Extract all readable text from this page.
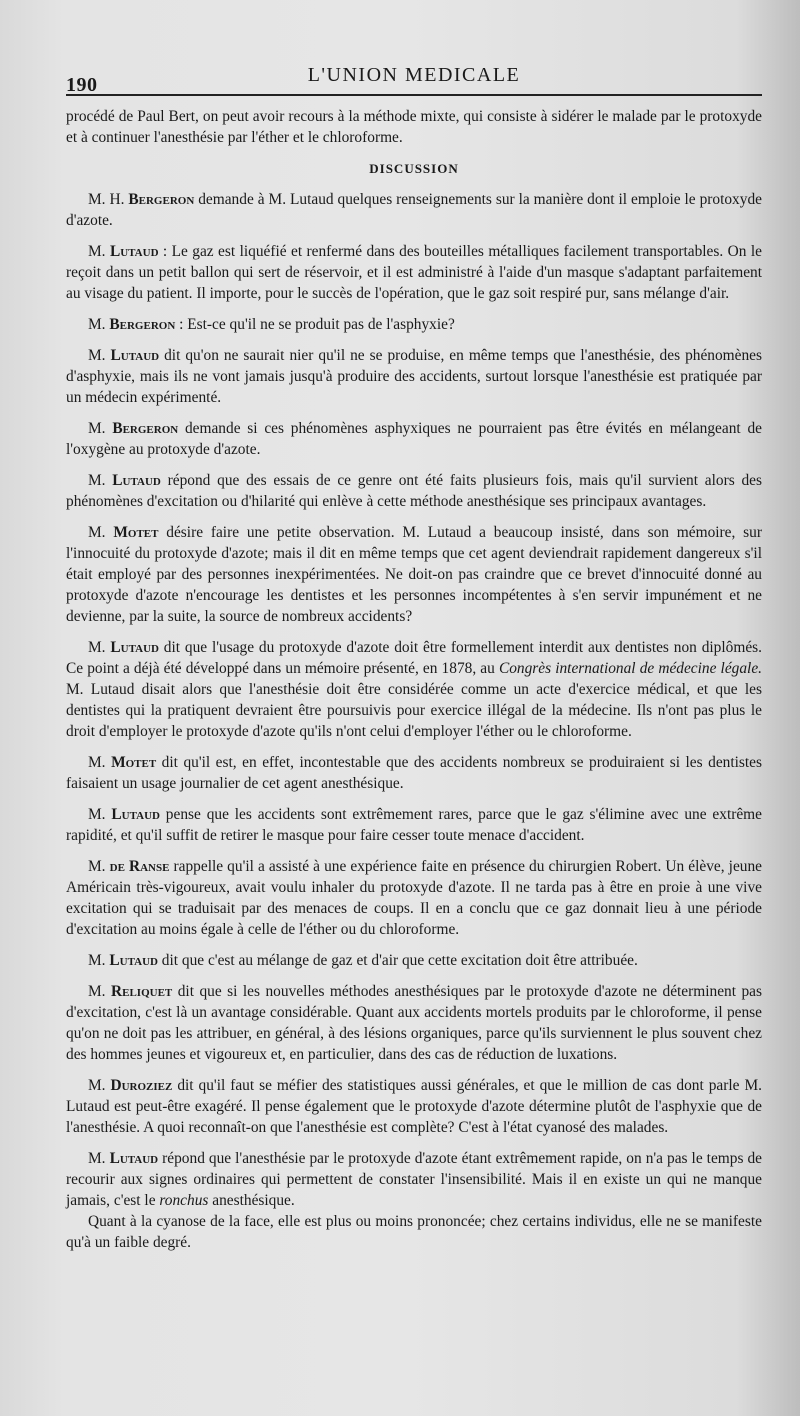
190	L'UNION MEDICALE

procédé de Paul Bert, on peut avoir recours à la méthode mixte, qui consiste à sidérer le malade par le protoxyde et à continuer l'anesthésie par l'éther et le chloroforme.

DISCUSSION

M. H. Bergeron demande à M. Lutaud quelques renseignements sur la manière dont il emploie le protoxyde d'azote.

M. Lutaud : Le gaz est liquéfié et renfermé dans des bouteilles métalliques facilement transportables. On le reçoit dans un petit ballon qui sert de réservoir, et il est administré à l'aide d'un masque s'adaptant parfaitement au visage du patient. Il importe, pour le succès de l'opération, que le gaz soit respiré pur, sans mélange d'air.

M. Bergeron : Est-ce qu'il ne se produit pas de l'asphyxie?

M. Lutaud dit qu'on ne saurait nier qu'il ne se produise, en même temps que l'anesthésie, des phénomènes d'asphyxie, mais ils ne vont jamais jusqu'à produire des accidents, surtout lorsque l'anesthésie est pratiquée par un médecin expérimenté.

M. Bergeron demande si ces phénomènes asphyxiques ne pourraient pas être évités en mélangeant de l'oxygène au protoxyde d'azote.

M. Lutaud répond que des essais de ce genre ont été faits plusieurs fois, mais qu'il survient alors des phénomènes d'excitation ou d'hilarité qui enlève à cette méthode anesthésique ses principaux avantages.

M. Motet désire faire une petite observation. M. Lutaud a beaucoup insisté, dans son mémoire, sur l'innocuité du protoxyde d'azote; mais il dit en même temps que cet agent deviendrait rapidement dangereux s'il était employé par des personnes inexpérimentées. Ne doit-on pas craindre que ce brevet d'innocuité donné au protoxyde d'azote n'encourage les dentistes et les personnes incompétentes à s'en servir impunément et ne devienne, par la suite, la source de nombreux accidents?

M. Lutaud dit que l'usage du protoxyde d'azote doit être formellement interdit aux dentistes non diplômés. Ce point a déjà été développé dans un mémoire présenté, en 1878, au Congrès international de médecine légale. M. Lutaud disait alors que l'anesthésie doit être considérée comme un acte d'exercice médical, et que les dentistes qui la pratiquent devraient être poursuivis pour exercice illégal de la médecine. Ils n'ont pas plus le droit d'employer le protoxyde d'azote qu'ils n'ont celui d'employer l'éther ou le chloroforme.

M. Motet dit qu'il est, en effet, incontestable que des accidents nombreux se produiraient si les dentistes faisaient un usage journalier de cet agent anesthésique.

M. Lutaud pense que les accidents sont extrêmement rares, parce que le gaz s'élimine avec une extrême rapidité, et qu'il suffit de retirer le masque pour faire cesser toute menace d'accident.

M. de Ranse rappelle qu'il a assisté à une expérience faite en présence du chirurgien Robert. Un élève, jeune Américain très-vigoureux, avait voulu inhaler du protoxyde d'azote. Il ne tarda pas à être en proie à une vive excitation qui se traduisait par des menaces de coups. Il en a conclu que ce gaz donnait lieu à une période d'excitation au moins égale à celle de l'éther ou du chloroforme.

M. Lutaud dit que c'est au mélange de gaz et d'air que cette excitation doit être attribuée.

M. Reliquet dit que si les nouvelles méthodes anesthésiques par le protoxyde d'azote ne déterminent pas d'excitation, c'est là un avantage considérable. Quant aux accidents mortels produits par le chloroforme, il pense qu'on ne doit pas les attribuer, en général, à des lésions organiques, parce qu'ils surviennent le plus souvent chez des hommes jeunes et vigoureux et, en particulier, dans des cas de réduction de luxations.

M. Duroziez dit qu'il faut se méfier des statistiques aussi générales, et que le million de cas dont parle M. Lutaud est peut-être exagéré. Il pense également que le protoxyde d'azote détermine plutôt de l'asphyxie que de l'anesthésie. A quoi reconnaît-on que l'anesthésie est complète? C'est à l'état cyanosé des malades.

M. Lutaud répond que l'anesthésie par le protoxyde d'azote étant extrêmement rapide, on n'a pas le temps de recourir aux signes ordinaires qui permettent de constater l'insensibilité. Mais il en existe un qui ne manque jamais, c'est le ronchus anesthésique.

Quant à la cyanose de la face, elle est plus ou moins prononcée; chez certains individus, elle ne se manifeste qu'à un faible degré.
